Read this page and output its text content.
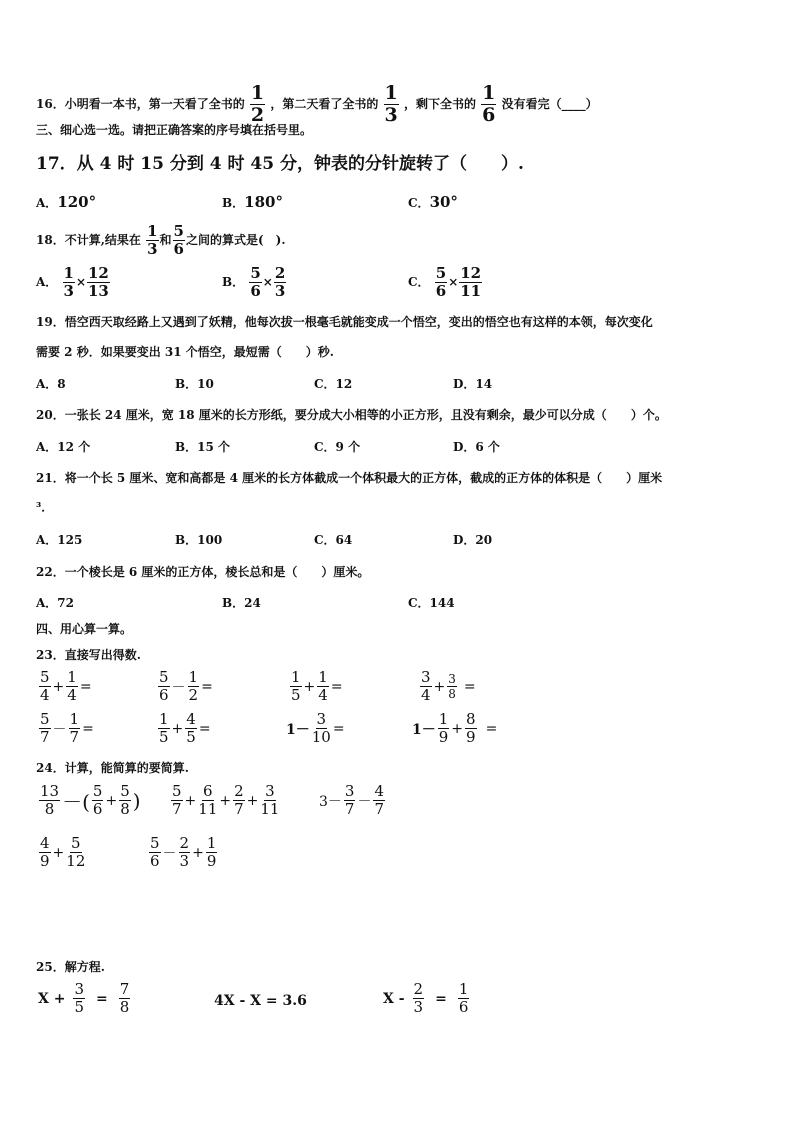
16．小明看一本书，第一天看了全书的 $\frac{1}{2}$ ，第二天看了全书的 $\frac{1}{3}$ ，剩下全书的 $\frac{1}{6}$ 没有看完（____）
三、细心选一选。请把正确答案的序号填在括号里。
17．从 4 时 15 分到 4 时 45 分，钟表的分针旋转了（　　）.
A．120°	B．180°	C．30°
18．不计算,结果在 $\frac{1}{3}$ 和 $\frac{5}{6}$ 之间的算式是(　).
A． $\frac{1}{3} \times \frac{12}{13}$	B． $\frac{5}{6} \times \frac{2}{3}$	C． $\frac{5}{6} \times \frac{12}{11}$
19．悟空西天取经路上又遇到了妖精，他每次拔一根毫毛就能变成一个悟空，变出的悟空也有这样的本领，每次变化
需要 2 秒．如果要变出 31 个悟空，最短需（　　）秒.
A．8	B．10	C．12	D．14
20．一张长 24 厘米，宽 18 厘米的长方形纸，要分成大小相等的小正方形，且没有剩余，最少可以分成（　　）个。
A．12 个	B．15 个	C．9 个	D．6 个
21．将一个长 5 厘米、宽和高都是 4 厘米的长方体截成一个体积最大的正方体，截成的正方体的体积是（　　）厘米
³．
A．125	B．100	C．64	D．20
22．一个棱长是 6 厘米的正方体，棱长总和是（　　）厘米。
A．72	B．24	C．144
四、用心算一算。
23．直接写出得数.
$\frac{5}{4} + \frac{1}{4}$ =	$\frac{5}{6} - \frac{1}{2}$ =	$\frac{1}{5} + \frac{1}{4}$ =	$\frac{3}{4} + \frac{3}{8}$ =
$\frac{5}{7} - \frac{1}{7}$ =	$\frac{1}{5} + \frac{4}{5}$ =	$1- \frac{3}{10}$ =	$1- \frac{1}{9} + \frac{8}{9}$ =
24．计算，能简算的要简算.
$\frac{13}{8}$ －( $\frac{5}{6} + \frac{5}{8}$ ) $\frac{5}{7} + \frac{6}{11} + \frac{2}{7} + \frac{3}{11}$	$3- \frac{3}{7} - \frac{4}{7}$
$\frac{4}{9} + \frac{5}{12}$	$\frac{5}{6} - \frac{2}{3} + \frac{1}{9}$
25．解方程.
$X + \frac{3}{5} = \frac{7}{8}$	4X - X = 3.6	$X - \frac{2}{3} = \frac{1}{6}$
